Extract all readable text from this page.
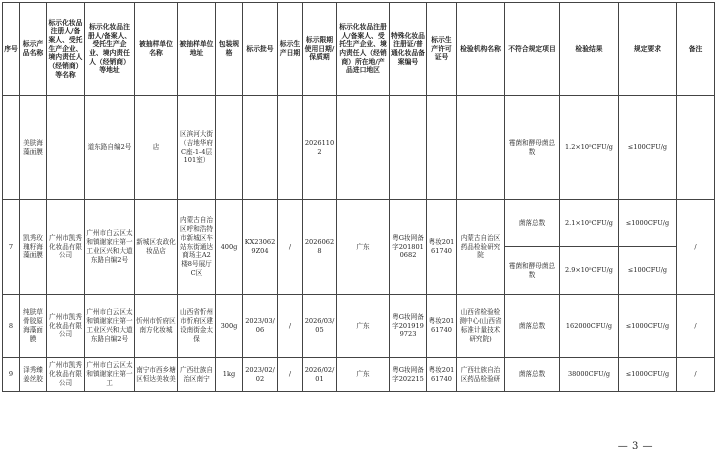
序号	标示产品名称	标示化妆品注册人/备案人、受托生产企业、境内责任人（经销商）等名称	标示化妆品注册人/备案人、受托生产企业、境内责任人（经销商）等地址	被抽样单位名称	被抽样单位地址	包装规格	标示批号	标示生产日期	标示限期使用日期/保质期	标示化妆品注册人/备案人、受托生产企业、境内责任人（经销商）所在地/产品进口地区	特殊化妆品注册证/普通化妆品备案编号	标示生产许可证号	检验机构名称	不符合规定项目	检验结果	规定要求	备注
	美肤海藻面膜		道东路自编2号	店	区滨河大街（吉地华府C座-1-4层101室）				20261102					霉菌和酵母菌总数	1.2×10⁵CFU/g	≤100CFU/g	
7	凯秀玫瑰籽海藻面膜	广州市凯秀化妆品有限公司	广州市白云区太和镇谢家庄第一工业区兴和大道东路自编2号	新城区农政化妆品店	内蒙古自治区呼和浩特市新城区车站东街通达商场主A2楼8号展厅C区	400g	KX230629Z04	/	20260628	广东	粤G妆网备字2018010682	粤妆20161740	内蒙古自治区药品检验研究院	菌落总数	2.1×10⁵CFU/g	≤1000CFU/g	/
														霉菌和酵母菌总数	2.9×10⁵CFU/g	≤100CFU/g	
8	纯肤草骨胶原海藻面膜	广州市凯秀化妆品有限公司	广州市白云区太和镇谢家庄第一工业区兴和大道东路自编2号	忻州市忻府区南方化妆城	山西省忻州市忻府区建设南街金太保	300g	2023/03/06	/	2026/03/05	广东	粤G妆网备字2019199723	粤妆20161740	山西省检验检测中心(山西省标准计量技术研究院)	菌落总数	162000CFU/g	≤1000CFU/g	/
9	泽秀臻姜丝胶	广州市凯秀化妆品有限公司	广州市白云区太和镇谢家庄第一工	南宁市西乡塘区恒达美妆美	广西壮族自治区南宁	1kg	2023/02/02	/	2026/02/01	广东	粤G妆网备字202215	粤妆20161740	广西壮族自治区药品检验研	菌落总数	38000CFU/g	≤1000CFU/g	/
— 3 —
